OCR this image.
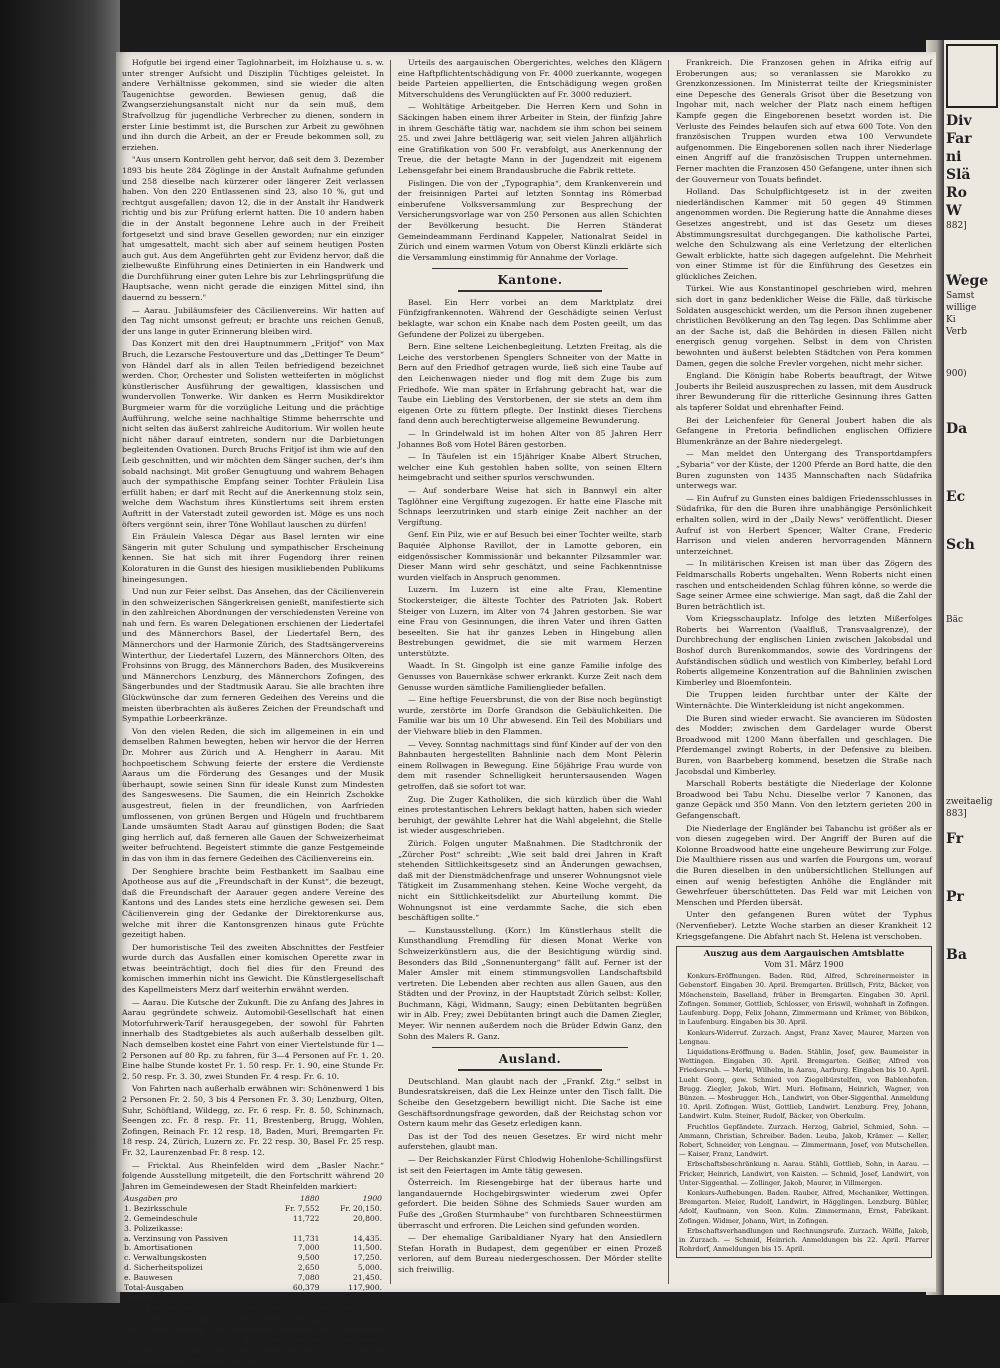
Div
Far
ni
Slä
Ro
W
882]
Wege
Samst
willige
Ki
Verb
900)
Da
Ec
Sch
Bäc
zweitaelig
883]
Fr
Pr
Ba

Hofgutle bei irgend einer Taglohnarbeit, im Holzhause u. s. w. unter strenger Aufsicht und Disziplin Tüchtiges geleistet. In andere Verhältnisse gekommen, sind sie wieder die alten Taugenichtse geworden. Bewiesen genug, daß die Zwangserziehungsanstalt nicht nur da sein muß, dem Strafvollzug für jugendliche Verbrecher zu dienen, sondern in erster Linie bestimmt ist, die Burschen zur Arbeit zu gewöhnen und ihn durch die Arbeit, an der er Freude bekommen soll, zu erziehen.

"Aus unsern Kontrollen geht hervor, daß seit dem 3. Dezember 1893 bis heute 284 Zöglinge in der Anstalt Aufnahme gefunden und 258 dieselbe nach kürzerer oder längerer Zeit verlassen haben. Von den 220 Entlassenen sind 23, also 10 %, gut und rechtgut ausgefallen; davon 12, die in der Anstalt ihr Handwerk richtig und bis zur Prüfung erlernt hatten. Die 10 andern haben die in der Anstalt begonnene Lehre auch in der Freiheit fortgesetzt und sind brave Gesellen geworden; nur ein einziger hat umgesattelt, macht sich aber auf seinem heutigen Posten auch gut. Aus dem Angeführten geht zur Evidenz hervor, daß die zielbewußte Einführung eines Detinierten in ein Handwerk und die Durchführung einer guten Lehre bis zur Lehrlingsprüfung die Hauptsache, wenn nicht gerade die einzigen Mittel sind, ihn dauernd zu bessern."

— Aarau. Jubiläumsfeier des Cäcilienvereins. Wir hatten auf den Tag nicht umsonst gefreut; er brachte uns reichen Genuß, der uns lange in guter Erinnerung bleiben wird.

Das Konzert mit den drei Hauptnummern „Fritjof“ von Max Bruch, die Lezarsche Festouverture und das „Dettinger Te Deum“ von Händel darf als in allen Teilen befriedigend bezeichnet werden. Chor, Orchester und Solisten wetteiferten in möglichst künstlerischer Ausführung der gewaltigen, klassischen und wundervollen Tonwerke. Wir danken es Herrn Musikdirektor Burgmeier warm für die vorzügliche Leitung und die prächtige Aufführung, welche seine nachhaltige Stimme beherrschte und nicht selten das äußerst zahlreiche Auditorium. Wir wollen heute nicht näher darauf eintreten, sondern nur die Darbietungen begleitenden Ovationen. Durch Bruchs Fritjof ist ihm wie auf den Leib geschnitten, und wir möchten dem Sänger suchen, der's ihm sobald nachsingt. Mit großer Genugtuung und wahrem Behagen auch der sympathische Empfang seiner Tochter Fräulein Lisa erfüllt haben; er darf mit Recht auf die Anerkennung stolz sein, welche dem Wachstum ihres Künstlertums seit ihrem ersten Auftritt in der Vaterstadt zuteil geworden ist. Möge es uns noch öfters vergönnt sein, ihrer Töne Wohllaut lauschen zu dürfen!

Ein Fräulein Valesca Dégar aus Basel lernten wir eine Sängerin mit guter Schulung und sympathischer Erscheinung kennen. Sie hat sich mit ihrer Fugendorg ihrer reinen Koloraturen in die Gunst des hiesigen musikliebenden Publikums hineingesungen.

Und nun zur Feier selbst. Das Ansehen, das der Cäcilienverein in den schweizerischen Sängerkreisen genießt, manifestierte sich in den zahlreichen Abordnungen der verschiedensten Vereine von nah und fern. Es waren Delegationen erschienen der Liedertafel und des Männerchors Basel, der Liedertafel Bern, des Männerchors und der Harmonie Zürich, des Stadtsängervereins Winterthur, der Liedertafel Luzern, des Männerchors Olten, des Frohsinns von Brugg, des Männerchors Baden, des Musikvereins und Männerchors Lenzburg, des Männerchors Zofingen, des Sängerbundes und der Stadtmusik Aarau. Sie alle brachten ihre Glückwünsche dar zum ferneren Gedeihen des Vereins und die meisten überbrachten als äußeres Zeichen der Freundschaft und Sympathie Lorbeerkränze.

Von den vielen Reden, die sich im allgemeinen in ein und demselben Rahmen bewegten, heben wir hervor die der Herren Dr. Mohrer aus Zürich und A. Hengherr in Aarau. Mit hochpoetischem Schwung feierte der erstere die Verdienste Aaraus um die Förderung des Gesanges und der Musik überhaupt, sowie seinen Sinn für ideale Kunst zum Mindesten des Sangeswesens. Die Saumen, die ein Heinrich Zschokke ausgestreut, fielen in der freundlichen, von Aarfrieden umflossenen, von grünen Bergen und Hügeln und fruchtbarem Lande umsäumten Stadt Aarau auf günstigen Boden; die Saat ging herrlich auf, daß ferneren alle Gauen der Schweizerheimat weiter befruchtend. Begeistert stimmte die ganze Festgemeinde in das von ihm in das fernere Gedeihen des Cäcilienvereins ein.

Der Senghiere brachte beim Festbankett im Saalbau eine Apotheose aus auf die „Freundschaft in der Kunst“, die bezeugt, daß die Freundschaft der Aarauer gegen andere Vereine des Kantons und des Landes stets eine herzliche gewesen sei. Dem Cäcilienverein ging der Gedanke der Direktorenkurse aus, welche mit ihrer die Kantonsgrenzen hinaus gute Früchte gezeitigt haben.

Der humoristische Teil des zweiten Abschnittes der Festfeier wurde durch das Ausfallen einer komischen Operette zwar in etwas beeinträchtigt, doch fiel dies für den Freund des komischen immerhin nicht ins Gewicht. Die Künstlergesellschaft des Kapellmeisters Merz darf weiterhin erwähnt werden.

— Aarau. Die Kutsche der Zukunft. Die zu Anfang des Jahres in Aarau gegründete schweiz. Automobil-Gesellschaft hat einen Motorfuhrwerk-Tarif herausgegeben, der sowohl für Fahrten innerhalb des Stadtgebietes als auch außerhalb desselben gilt. Nach demselben kostet eine Fahrt von einer Viertelstunde für 1—2 Personen auf 80 Rp. zu fahren, für 3—4 Personen auf Fr. 1. 20. Eine halbe Stunde kostet Fr. 1. 50 resp. Fr. 1. 90, eine Stunde Fr. 2. 50 resp. Fr. 3. 30, zwei Stunden Fr. 4 resp. Fr. 6. 10.

Von Fahrten nach außerhalb erwähnen wir: Schönenwerd 1 bis 2 Personen Fr. 2. 50, 3 bis 4 Personen Fr. 3. 30; Lenzburg, Olten, Suhr, Schöftland, Wildegg, zc. Fr. 6 resp. Fr. 8. 50, Schinznach, Seengen zc. Fr. 8 resp. Fr. 11, Brestenberg, Brugg, Wohlen, Zofingen, Reinach Fr. 12 resp. 18, Baden, Muri, Bremgarten Fr. 18 resp. 24, Zürich, Luzern zc. Fr. 22 resp. 30, Basel Fr. 25 resp. Fr. 32, Laurenzenbad Fr. 8 resp. 12.

— Fricktal. Aus Rheinfelden wird dem „Basler Nachr.“ folgende Ausstellung mitgeteilt, die den Fortschritt während 20 Jahren im Gemeindewesen der Stadt Rheinfelden markiert:

Ausgaben pro	1880	1900
1. Bezirksschule	Fr. 7,552	Fr. 20,150.
2. Gemeindeschule	11,722	20,800.
3. Polizeikasse:		
a. Verzinsung von Passiven	11,731	14,435.
b. Amortisationen	7,000	11,500.
c. Verwaltungskosten	9,500	17,250.
d. Sicherheitspolizei	2,650	5,000.
e. Bauwesen	7,080	21,450.
Total-Ausgaben	60,379	117,900.
Steuern	35,000	52,000.

— Rheinfelden. Zu der Streitsache der Hinterlassenen des Landwirts Kaspar Märki aus Rheinfelden, der Anfangs Mai 1898 beim Überschreiten des Verbindungsgeleises der Bahnstation Fahrschaft in der Nähe des Bahnhofes Rheinfelden von einem Zug der Nordostbahn überfahren wurde und daran starb, hat das Bundesgericht in Abänderung des

Urteils des aargauischen Obergerichtes, welches den Klägern eine Haftpflichtentschädigung von Fr. 4000 zuerkannte, wogegen beide Parteien appellierten, die Entschädigung wegen großen Mitverschuldens des Verunglückten auf Fr. 3000 reduziert.

— Wohltätige Arbeitgeber. Die Herren Kern und Sohn in Säckingen haben einem ihrer Arbeiter in Stein, der fünfzig Jahre in ihrem Geschäfte tätig war, nachdem sie ihm schon bei seinem 25. und zwei Jahre bettlägerig war, seit vielen Jahren alljährlich eine Gratifikation von 500 Fr. verabfolgt, aus Anerkennung der Treue, die der betagte Mann in der Jugendzeit mit eigenem Lebensgefahr bei einem Brandausbruche die Fabrik rettete.

Fislingen. Die von der „Typographia“, dem Krankenverein und der freisinnigen Partei auf letzten Sonntag ins Römerbad einberufene Volksversammlung zur Besprechung der Versicherungsvorlage war von 250 Personen aus allen Schichten der Bevölkerung besucht. Die Herren Ständerat Gemeindeammann Ferdinand Kappeler, Nationalrat Seidel in Zürich und einem warmen Votum von Oberst Künzli erklärte sich die Versammlung einstimmig für Annahme der Vorlage.

Kantone.

Basel. Ein Herr vorbei an dem Marktplatz drei Fünfzigfrankennoten. Während der Geschädigte seinen Verlust beklagte, war schon ein Knabe nach dem Posten geeilt, um das Gefundene der Polizei zu übergeben.

Bern. Eine seltene Leichenbegleitung. Letzten Freitag, als die Leiche des verstorbenen Spenglers Schneiter von der Matte in Bern auf den Friedhof getragen wurde, ließ sich eine Taube auf den Leichenwagen nieder und flog mit dem Zuge bis zum Friedhofe. Wie man später in Erfahrung gebracht hat, war die Taube ein Liebling des Verstorbenen, der sie stets an dem ihm eigenen Orte zu füttern pflegte. Der Instinkt dieses Tierchens fand denn auch berechtigterweise allgemeine Bewunderung.

— In Grindelwald ist im hohen Alter von 85 Jahren Herr Johannes Boß vom Hotel Bären gestorben.

— In Täufelen ist ein 15jähriger Knabe Albert Struchen, welcher eine Kuh gestohlen haben sollte, von seinen Eltern heimgebracht und seither spurlos verschwunden.

— Auf sonderbare Weise hat sich in Bannwyl ein alter Taglöhner eine Vergiftung zugezogen. Er hatte eine Flasche mit Schnaps leerzutrinken und starb einige Zeit nachher an der Vergiftung.

Genf. Ein Pilz, wie er auf Besuch bei einer Tochter weilte, starb Baquiée Alphonse Ravillot, der in Lamotte geboren, ein eidgenössischer Kommissionär und bekannter Pilzsammler war. Dieser Mann wird sehr geschätzt, und seine Fachkenntnisse wurden vielfach in Anspruch genommen.

Luzern. Im Luzern ist eine alte Frau, Klementine Stockersteiger, die älteste Tochter des Patrioten Jak. Robert Steiger von Luzern, im Alter von 74 Jahren gestorben. Sie war eine Frau von Gesinnungen, die ihren Vater und ihren Gatten beseelten. Sie hat ihr ganzes Leben in Hingebung allen Bestrebungen gewidmet, die sie mit warmem Herzen unterstützte.

Waadt. In St. Gingolph ist eine ganze Familie infolge des Genusses von Bauernkäse schwer erkrankt. Kurze Zeit nach dem Genusse wurden sämtliche Familienglieder befallen.

— Eine heftige Feuersbrunst, die von der Bise noch begünstigt wurde, zerstörte im Dorfe Grandson die Gebäulichkeiten. Die Familie war bis um 10 Uhr abwesend. Ein Teil des Mobiliars und der Viehware blieb in den Flammen.

— Vevey. Sonntag nachmittags sind fünf Kinder auf der von den Bahnbauten hergestellten Bahnlinie nach dem Mont Pèlerin einem Rollwagen in Bewegung. Eine 56jährige Frau wurde von dem mit rasender Schnelligkeit heruntersausenden Wagen getroffen, daß sie sofort tot war.

Zug. Die Zuger Katholiken, die sich kürzlich über die Wahl eines protestantischen Lehrers beklagt hatten, haben sich wieder beruhigt, der gewählte Lehrer hat die Wahl abgelehnt, die Stelle ist wieder ausgeschrieben.

Zürich. Folgen unguter Maßnahmen. Die Stadtchronik der „Zürcher Post“ schreibt: „Wie seit bald drei Jahren in Kraft stehenden Sittlichkeitsgesetz sind an Änderungen gewachsen, daß mit der Dienstmädchenfrage und unserer Wohnungsnot viele Tätigkeit im Zusammenhang stehen. Keine Woche vergeht, da nicht ein Sittlichkeitsdelikt zur Aburteilung kommt. Die Wohnungsnot ist eine verdammte Sache, die sich eben beschäftigen sollte.“

— Kunstausstellung. (Korr.) Im Künstlerhaus stellt die Kunsthandlung Fremdling für diesen Monat Werke von Schweizerkünstlern aus, die der Besichtigung würdig sind. Besonders das Bild „Sonnenuntergang“ fällt auf. Ferner ist der Maler Amsler mit einem stimmungsvollen Landschaftsbild vertreten. Die Lebenden aber rechten aus allen Gauen, aus den Städten und der Provinz, in der Hauptstadt Zürich selbst: Koller, Buchmann, Kägi, Widmann, Saugy; einen Debütanten begrüßen wir in Alb. Frey; zwei Debütanten bringt auch die Damen Ziegler, Meyer. Wir nennen außerdem noch die Brüder Edwin Ganz, den Sohn des Malers R. Ganz.

Ausland.

Deutschland. Man glaubt nach der „Frankf. Ztg.“ selbst in Bundesratskreisen, daß die Lex Heinze unter den Tisch fallt. Die Scheibe den Gesetzgebern bewilligt nicht. Die Sache ist eine Geschäftsordnungsfrage geworden, daß der Reichstag schon vor Ostern kaum mehr das Gesetz erledigen kann.

Das ist der Tod des neuen Gesetzes. Er wird nicht mehr auferstehen, glaubt man.

— Der Reichskanzler Fürst Chlodwig Hohenlohe-Schillingsfürst ist seit den Feiertagen im Amte tätig gewesen.

Österreich. Im Riesengebirge hat der überaus harte und langandauernde Hochgebirgswinter wiederum zwei Opfer gefordert. Die beiden Söhne des Schmieds Sauer wurden am Fuße des „Großen Sturmhaube“ von furchtbaren Schneestürmen überrascht und erfroren. Die Leichen sind gefunden worden.

— Der ehemalige Garibaldianer Nyary hat den Ansiedlern Stefan Horath in Budapest, dem gegenüber er einen Prozeß verloren, auf dem Bureau niedergeschossen. Der Mörder stellte sich freiwillig.

Frankreich. Die Franzosen gehen in Afrika eifrig auf Eroberungen aus; so veranlassen sie Marokko zu Grenzkonzessionen. Im Ministerrat teilte der Kriegsminister eine Depesche des Generals Grisot über die Besetzung von Ingohar mit, nach welcher der Platz nach einem heftigen Kampfe gegen die Eingeborenen besetzt worden ist. Die Verluste des Feindes belaufen sich auf etwa 600 Tote. Von den französischen Truppen wurden etwa 100 Verwundete aufgenommen. Die Eingeborenen sollen nach ihrer Niederlage einen Angriff auf die französischen Truppen unternehmen. Ferner machten die Franzosen 450 Gefangene, unter ihnen sich der Gouverneur von Touats befindet.

Holland. Das Schulpflichtgesetz ist in der zweiten niederländischen Kammer mit 50 gegen 49 Stimmen angenommen worden. Die Regierung hatte die Annahme dieses Gesetzes angestrebt, und ist das Gesetz um dieses Abstimmungsresultat durchgegangen. Die katholische Partei, welche den Schulzwang als eine Verletzung der elterlichen Gewalt erblickte, hatte sich dagegen aufgelehnt. Die Mehrheit von einer Stimme ist für die Einführung des Gesetzes ein glückliches Zeichen.

Türkei. Wie aus Konstantinopel geschrieben wird, mehren sich dort in ganz bedenklicher Weise die Fälle, daß türkische Soldaten ausgeschickt werden, um die Person ihnen zugebener christlichen Bevölkerung an den Tag legen. Das Schlimme aber an der Sache ist, daß die Behörden in diesen Fällen nicht energisch genug vorgehen. Selbst in dem von Christen bewohnten und äußerst belebten Städtchen von Pera kommen Damen, gegen die solche Frevler vorgehen, nicht mehr sicher.

England. Die Königin habe Roberts beauftragt, der Witwe Jouberts ihr Beileid auszusprechen zu lassen, mit dem Ausdruck ihrer Bewunderung für die ritterliche Gesinnung ihres Gatten als tapferer Soldat und ehrenhafter Feind.

Bei der Leichenfeier für General Joubert haben die als Gefangene in Pretoria befindlichen englischen Offiziere Blumenkränze an der Bahre niedergelegt.

— Man meldet den Untergang des Transportdampfers „Sybaria“ vor der Küste, der 1200 Pferde an Bord hatte, die den Buren zugunsten von 1435 Mannschaften nach Südafrika unterwegs war.

— Ein Aufruf zu Gunsten eines baldigen Friedensschlusses in Südafrika, für den die Buren ihre unabhängige Persönlichkeit erhalten sollen, wird in der „Daily News“ veröffentlicht. Dieser Aufruf ist von Herbert Spencer, Walter Crane, Frederic Harrison und vielen anderen hervorragenden Männern unterzeichnet.

— In militärischen Kreisen ist man über das Zögern des Feldmarschalls Roberts ungehalten. Wenn Roberts nicht einen raschen und entscheidenden Schlag führen könne, so werde die Sage seiner Armee eine schwierige. Man sagt, daß die Zahl der Buren beträchtlich ist.

Vom Kriegsschauplatz. Infolge des letzten Mißerfolges Roberts bei Warrenton (Vaalfluß, Transvaalgrenze), der Durchbrechung der englischen Linien zwischen Jakobsdal und Boshof durch Burenkommandos, sowie des Vordringens der Aufständischen südlich und westlich von Kimberley, befahl Lord Roberts allgemeine Konzentration auf die Bahnlinien zwischen Kimberley und Bloemfontein.

Die Truppen leiden furchtbar unter der Kälte der Winternächte. Die Winterkleidung ist nicht angekommen.

Die Buren sind wieder erwacht. Sie avancieren im Südosten des Modder; zwischen dem Gardelager wurde Oberst Broadwood mit 1200 Mann überfallen und geschlagen. Die Pferdemangel zwingt Roberts, in der Defensive zu bleiben. Buren, von Baarbeberg kommend, besetzen die Straße nach Jacobsdal und Kimberley.

Marschall Roberts bestätigte die Niederlage der Kolonne Broadwood bei Tabu Nchu. Dieselbe verlor 7 Kanonen, das ganze Gepäck und 350 Mann. Von den letztern gerieten 200 in Gefangenschaft.

Die Niederlage der Engländer bei Tabanchu ist größer als er von diesen zugegeben wird. Der Angriff der Buren auf die Kolonne Broadwood hatte eine ungeheure Bewirrung zur Folge. Die Maulthiere rissen aus und warfen die Fourgons um, worauf die Buren dieselben in den unübersichtlichen Stellungen auf einen auf wenig befestigten Anhöhe die Engländer mit Gewehrfeuer überschütteten. Das Feld war mit Leichen von Menschen und Pferden übersät.

Unter den gefangenen Buren wütet der Typhus (Nervenfieber). Letzte Woche starben an dieser Krankheit 12 Kriegsgefangene. Die Abfahrt nach St. Helena ist verschoben.

Auszug aus dem Aargauischen Amtsblatte
Vom 31. März 1900

Konkurs-Eröffnungen. Baden. Rüd, Alfred, Schreinermeister in Gebenstorf. Eingaben 30. April. Bremgarten. Brüllsch, Fritz, Bäcker, von Mönchenstein, Baselland, früher in Bremgarten. Eingaben 30. April. Zofingen. Sommer, Gottlieb, Schlosser, von Eriswil, wohnhaft in Zofingen. Laufenburg. Dopp, Felix Johann, Zimmermann und Krämer, von Böbikon, in Laufenburg. Eingaben bis 30. April.

Konkurs-Widerruf. Zurzach. Angst, Franz Xaver, Maurer, Marzen von Lengnau.

Liquidations-Eröffnung u. Baden. Stählin, Josef, gew. Baumeister in Wettingen. Eingaben 30. April. Bremgarten. Geißer, Alfred von Friedersruh. — Merki, Wilhelm, in Aarau, Aarburg. Eingaben bis 10. April. Lueht Georg, gew. Schmied von Ziegelbürstelfen, von Bablenhofen. Brugg. Ziegler, Jakob, Wirt. Muri. Hofmann, Heinrich, Wagner, von Bünzen. — Mosbrugger. Hch., Landwirt, von Ober-Siggenthal. Anmeldung 10. April. Zofingen. Wüst, Gottlieb, Landwirt. Lenzburg. Frey, Johann, Landwirt. Kulm. Steiner, Rudolf, Bäcker, von Oberkulm.

Fruchtlos Gepfändete. Zurzach. Herzog, Gabriel, Schmied, Sohn. — Ammann, Christian, Schreiber. Baden. Leuba, Jakob, Krämer. — Keller, Robert, Schneider, von Lengnau. — Zimmermann, Josef, von Mutschellen. — Kaiser, Franz, Landwirt.

Erbschaftsbeschränkung n. Aarau. Stähli, Gottlieb, Sohn, in Aarau. — Fricker, Heinrich, Landwirt, von Kaisten. — Schmid, Josef, Landwirt, von Unter-Siggenthal. — Zollinger, Jakob, Maurer, in Villmergen.

Konkurs-Aufhebungen. Baden. Rauber, Alfred, Mechaniker, Wettingen. Bremgarten. Meier, Rudolf, Landwirt, in Hägglingen. Lenzburg. Bühler, Adolf, Kaufmann, von Seon. Kulm. Zimmermann, Ernst, Fabrikant. Zofingen. Widmer, Johann, Wirt, in Zofingen.

Erbschaftsverhandlungen und Rechnungsrufe. Zurzach. Wölfle, Jakob, in Zurzach. — Schmid, Heinrich. Anmeldungen bis 22. April. Pfarrer Rohrdorf, Anmeldungen bis 15. April.
